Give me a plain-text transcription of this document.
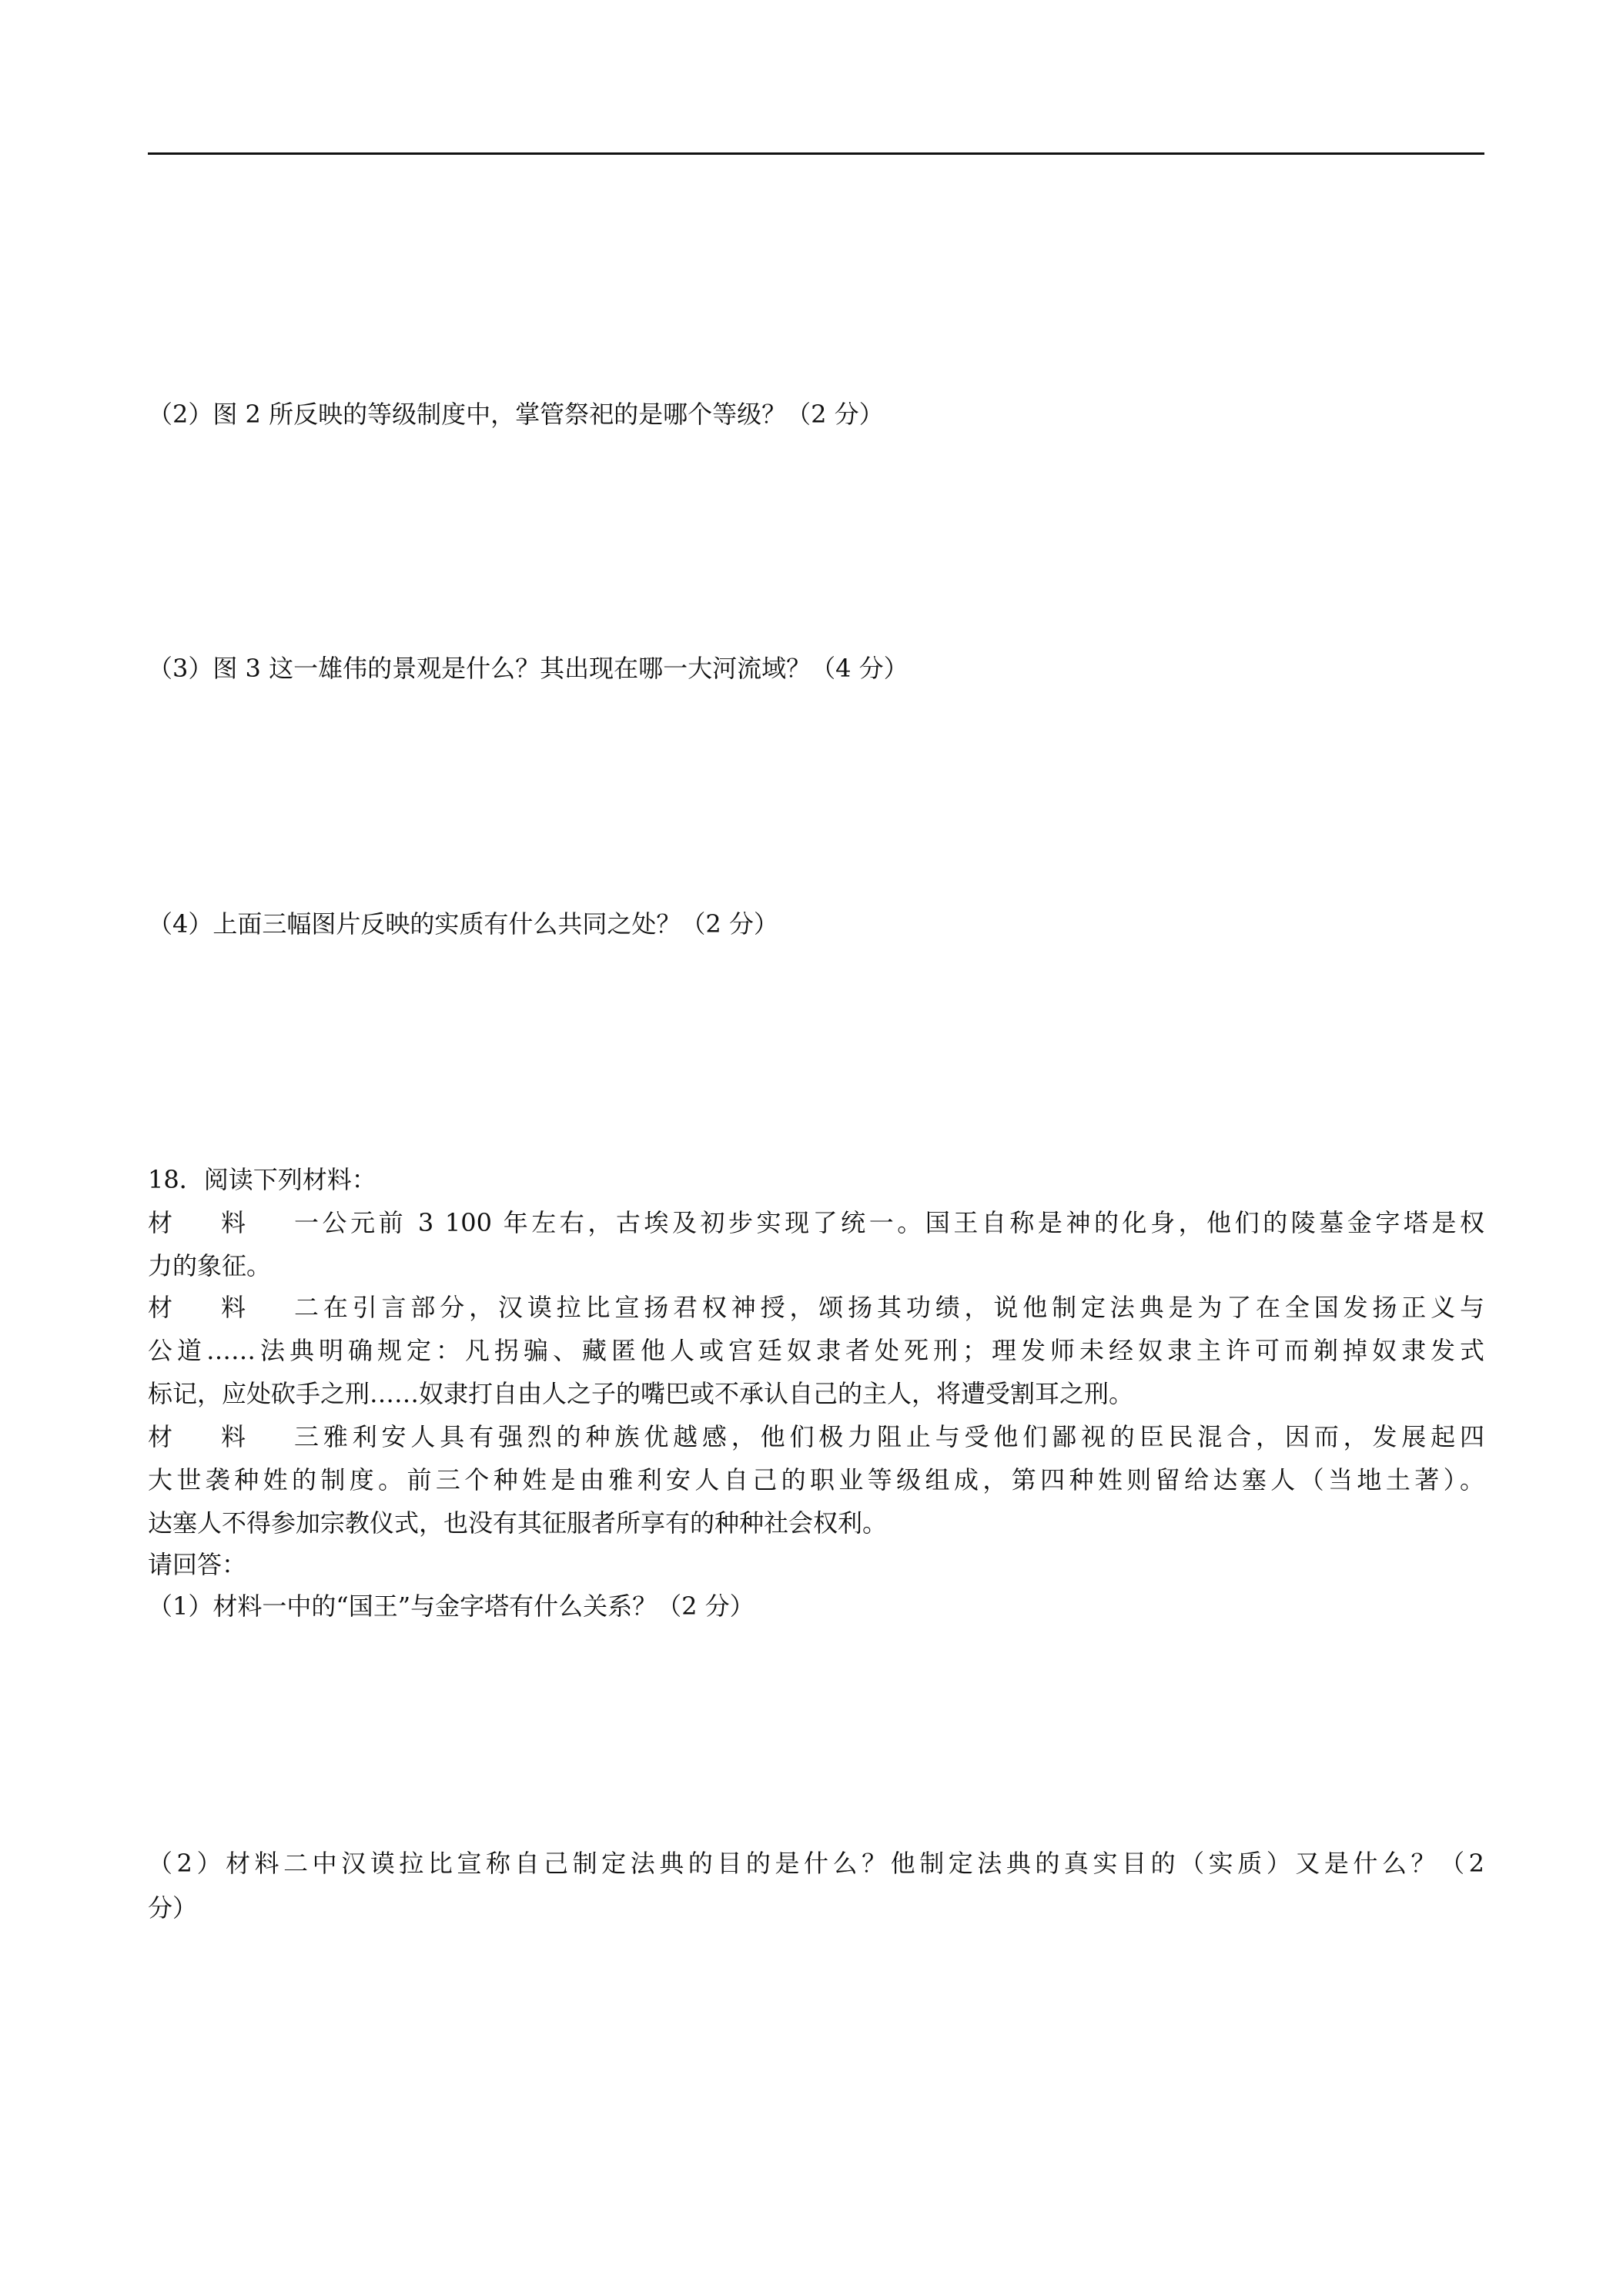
（2）图 2 所反映的等级制度中，掌管祭祀的是哪个等级？（2 分）
（3）图 3 这一雄伟的景观是什么？其出现在哪一大河流域？（4 分）
（4）上面三幅图片反映的实质有什么共同之处？（2 分）
18．阅读下列材料：
材料一公元前 3 100 年左右，古埃及初步实现了统一。国王自称是神的化身，他们的陵墓金字塔是权
力的象征。
材料二在引言部分，汉谟拉比宣扬君权神授，颂扬其功绩，说他制定法典是为了在全国发扬正义与
公道……法典明确规定：凡拐骗、藏匿他人或宫廷奴隶者处死刑；理发师未经奴隶主许可而剃掉奴隶发式
标记，应处砍手之刑……奴隶打自由人之子的嘴巴或不承认自己的主人，将遭受割耳之刑。
材料三雅利安人具有强烈的种族优越感，他们极力阻止与受他们鄙视的臣民混合，因而，发展起四
大世袭种姓的制度。前三个种姓是由雅利安人自己的职业等级组成，第四种姓则留给达塞人（当地土著）。
达塞人不得参加宗教仪式，也没有其征服者所享有的种种社会权利。
请回答：
（1）材料一中的“国王”与金字塔有什么关系？（2 分）
（2）材料二中汉谟拉比宣称自己制定法典的目的是什么？他制定法典的真实目的（实质）又是什么？（2
分）
